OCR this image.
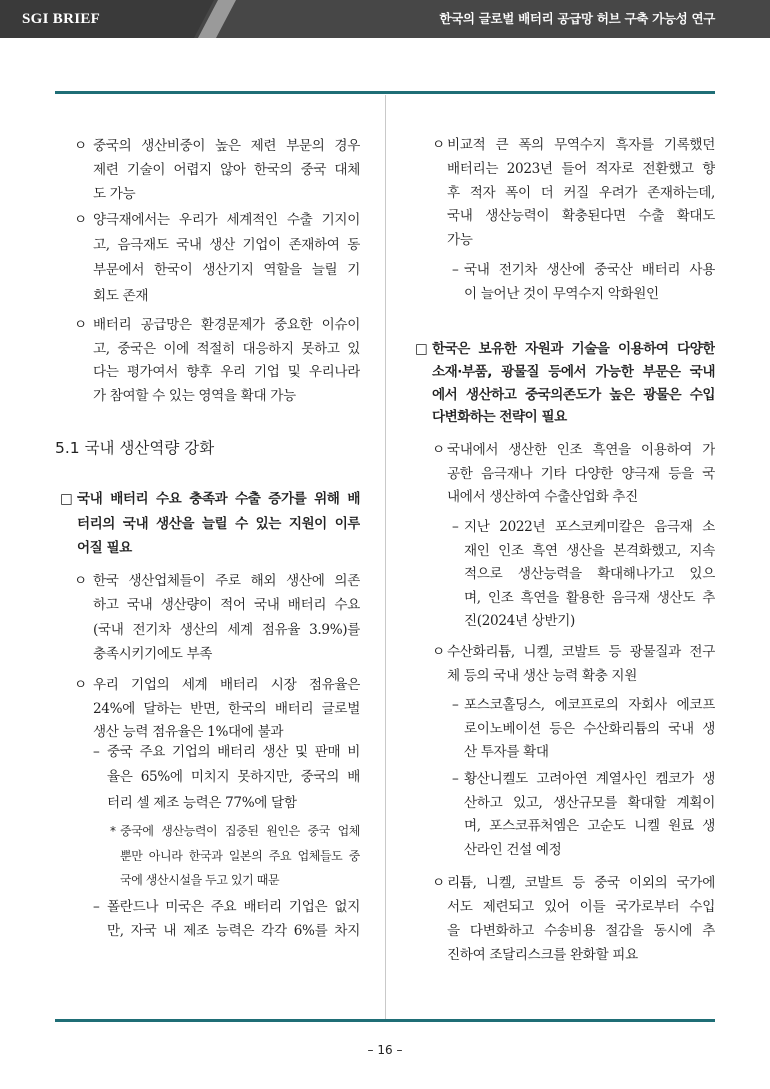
SGI BRIEF	한국의 글로벌 배터리 공급망 허브 구축 가능성 연구
ㅇ 중국의 생산비중이 높은 제련 부문의 경우
제련 기술이 어렵지 않아 한국의 중국 대체
도 가능
ㅇ 양극재에서는 우리가 세계적인 수출 기지이
고, 음극재도 국내 생산 기업이 존재하여 동
부문에서 한국이 생산기지 역할을 늘릴 기
회도 존재
ㅇ 배터리 공급망은 환경문제가 중요한 이슈이
고, 중국은 이에 적절히 대응하지 못하고 있
다는 평가여서 향후 우리 기업 및 우리나라
가 참여할 수 있는 영역을 확대 가능
5.1 국내 생산역량 강화
□ 국내 배터리 수요 충족과 수출 증가를 위해 배
터리의 국내 생산을 늘릴 수 있는 지원이 이루
어질 필요
ㅇ 한국 생산업체들이 주로 해외 생산에 의존
하고 국내 생산량이 적어 국내 배터리 수요
(국내 전기차 생산의 세계 점유율 3.9%)를
충족시키기에도 부족
ㅇ 우리 기업의 세계 배터리 시장 점유율은
24%에 달하는 반면, 한국의 배터리 글로벌
생산 능력 점유율은 1%대에 불과
– 중국 주요 기업의 배터리 생산 및 판매 비
율은 65%에 미치지 못하지만, 중국의 배
터리 셀 제조 능력은 77%에 달함
* 중국에 생산능력이 집중된 원인은 중국 업체
뿐만 아니라 한국과 일본의 주요 업체들도 중
국에 생산시설을 두고 있기 때문
– 폴란드나 미국은 주요 배터리 기업은 없지
만, 자국 내 제조 능력은 각각 6%를 차지
ㅇ 비교적 큰 폭의 무역수지 흑자를 기록했던
배터리는 2023년 들어 적자로 전환했고 향
후 적자 폭이 더 커질 우려가 존재하는데,
국내 생산능력이 확충된다면 수출 확대도
가능
– 국내 전기차 생산에 중국산 배터리 사용
이 늘어난 것이 무역수지 악화원인
□ 한국은 보유한 자원과 기술을 이용하여 다양한
소재·부품, 광물질 등에서 가능한 부문은 국내
에서 생산하고 중국의존도가 높은 광물은 수입
다변화하는 전략이 필요
ㅇ 국내에서 생산한 인조 흑연을 이용하여 가
공한 음극재나 기타 다양한 양극재 등을 국
내에서 생산하여 수출산업화 추진
– 지난 2022년 포스코케미칼은 음극재 소
재인 인조 흑연 생산을 본격화했고, 지속
적으로 생산능력을 확대해나가고 있으
며, 인조 흑연을 활용한 음극재 생산도 추
진(2024년 상반기)
ㅇ 수산화리튬, 니켈, 코발트 등 광물질과 전구
체 등의 국내 생산 능력 확충 지원
– 포스코홀딩스, 에코프로의 자회사 에코프
로이노베이션 등은 수산화리튬의 국내 생
산 투자를 확대
– 황산니켈도 고려아연 계열사인 켐코가 생
산하고 있고, 생산규모를 확대할 계획이
며, 포스코퓨처엠은 고순도 니켈 원료 생
산라인 건설 예정
ㅇ 리튬, 니켈, 코발트 등 중국 이외의 국가에
서도 제련되고 있어 이들 국가로부터 수입
을 다변화하고 수송비용 절감을 동시에 추
진하여 조달리스크를 완화할 피요
– 16 –
